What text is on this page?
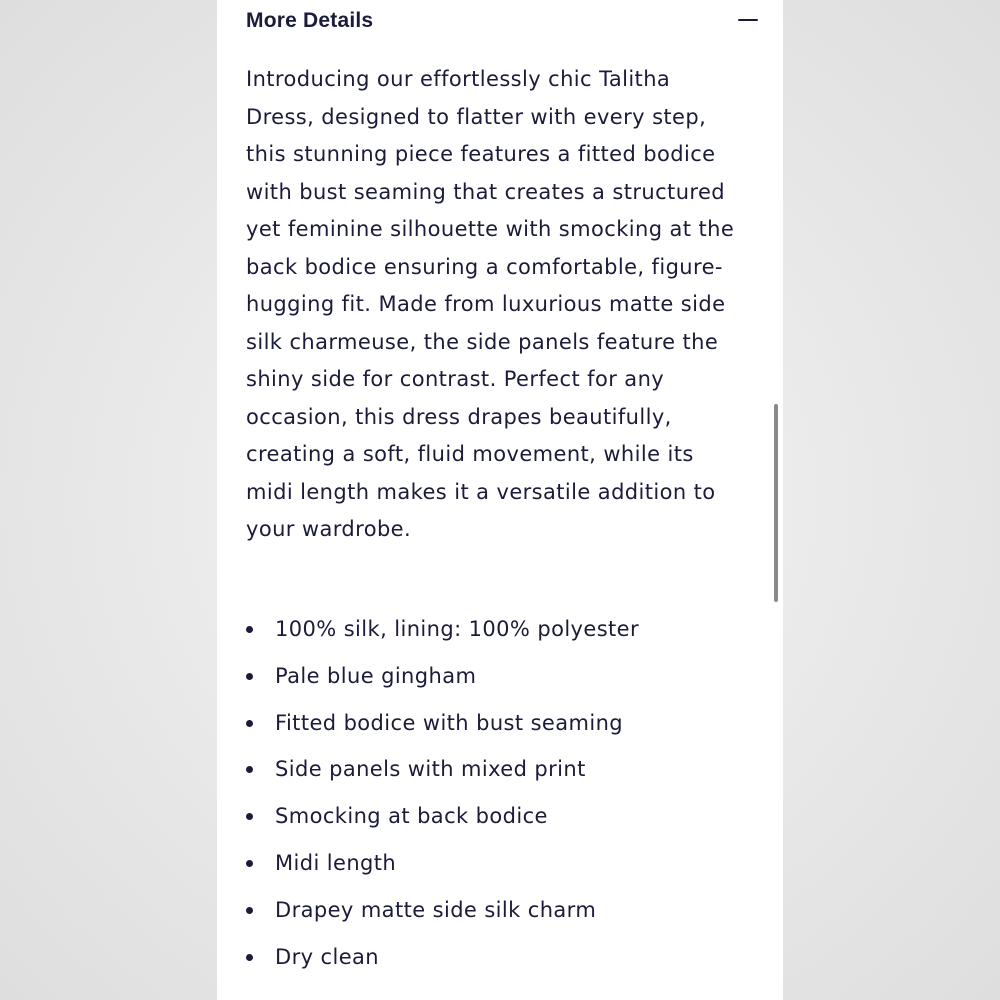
More Details

Introducing our effortlessly chic Talitha Dress, designed to flatter with every step, this stunning piece features a fitted bodice with bust seaming that creates a structured yet feminine silhouette with smocking at the back bodice ensuring a comfortable, figure-hugging fit. Made from luxurious matte side silk charmeuse, the side panels feature the shiny side for contrast. Perfect for any occasion, this dress drapes beautifully, creating a soft, fluid movement, while its midi length makes it a versatile addition to your wardrobe.

100% silk, lining: 100% polyester
Pale blue gingham
Fitted bodice with bust seaming
Side panels with mixed print
Smocking at back bodice
Midi length
Drapey matte side silk charm
Dry clean
